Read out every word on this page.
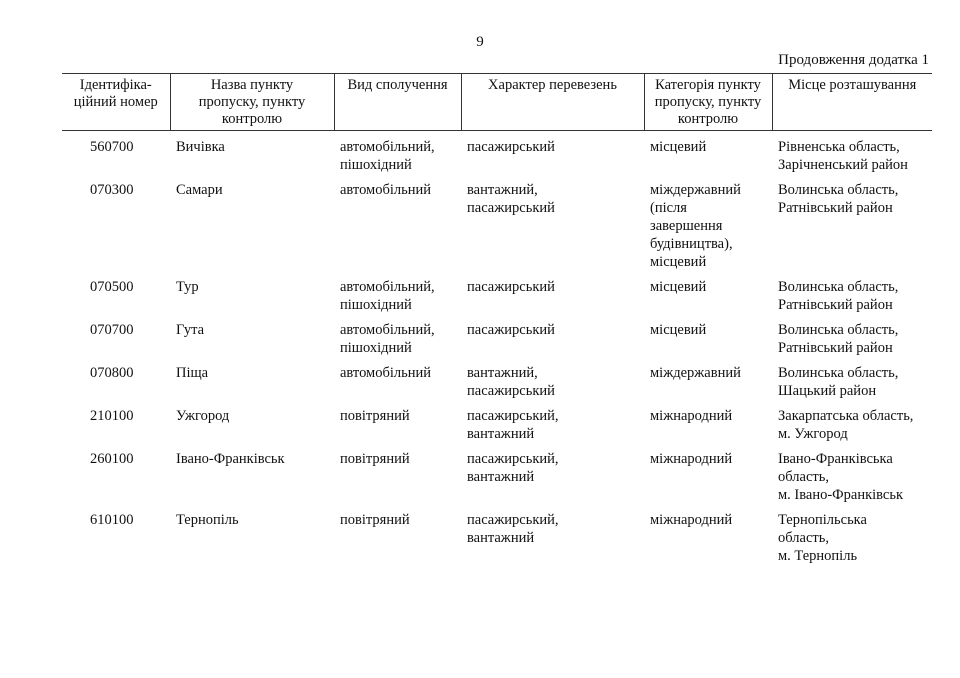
9
Продовження додатка 1
Ідентифіка-
ційний номер	Назва пункту
пропуску, пункту
контролю	Вид сполучення	Характер перевезень	Категорія пункту
пропуску, пункту
контролю	Місце розташування

560700	Вичівка	автомобільний,
пішохідний	пасажирський	місцевий	Рівненська область,
Зарічненський район

070300	Самари	автомобільний	вантажний,
пасажирський	міждержавний
(після
завершення
будівництва),
місцевий	Волинська область,
Ратнівський район

070500	Тур	автомобільний,
пішохідний	пасажирський	місцевий	Волинська область,
Ратнівський район

070700	Гута	автомобільний,
пішохідний	пасажирський	місцевий	Волинська область,
Ратнівський район

070800	Піща	автомобільний	вантажний,
пасажирський	міждержавний	Волинська область,
Шацький район

210100	Ужгород	повітряний	пасажирський,
вантажний	міжнародний	Закарпатська область,
м. Ужгород

260100	Івано-Франківськ	повітряний	пасажирський,
вантажний	міжнародний	Івано-Франківська
область,
м. Івано-Франківськ

610100	Тернопіль	повітряний	пасажирський,
вантажний	міжнародний	Тернопільська
область,
м. Тернопіль
